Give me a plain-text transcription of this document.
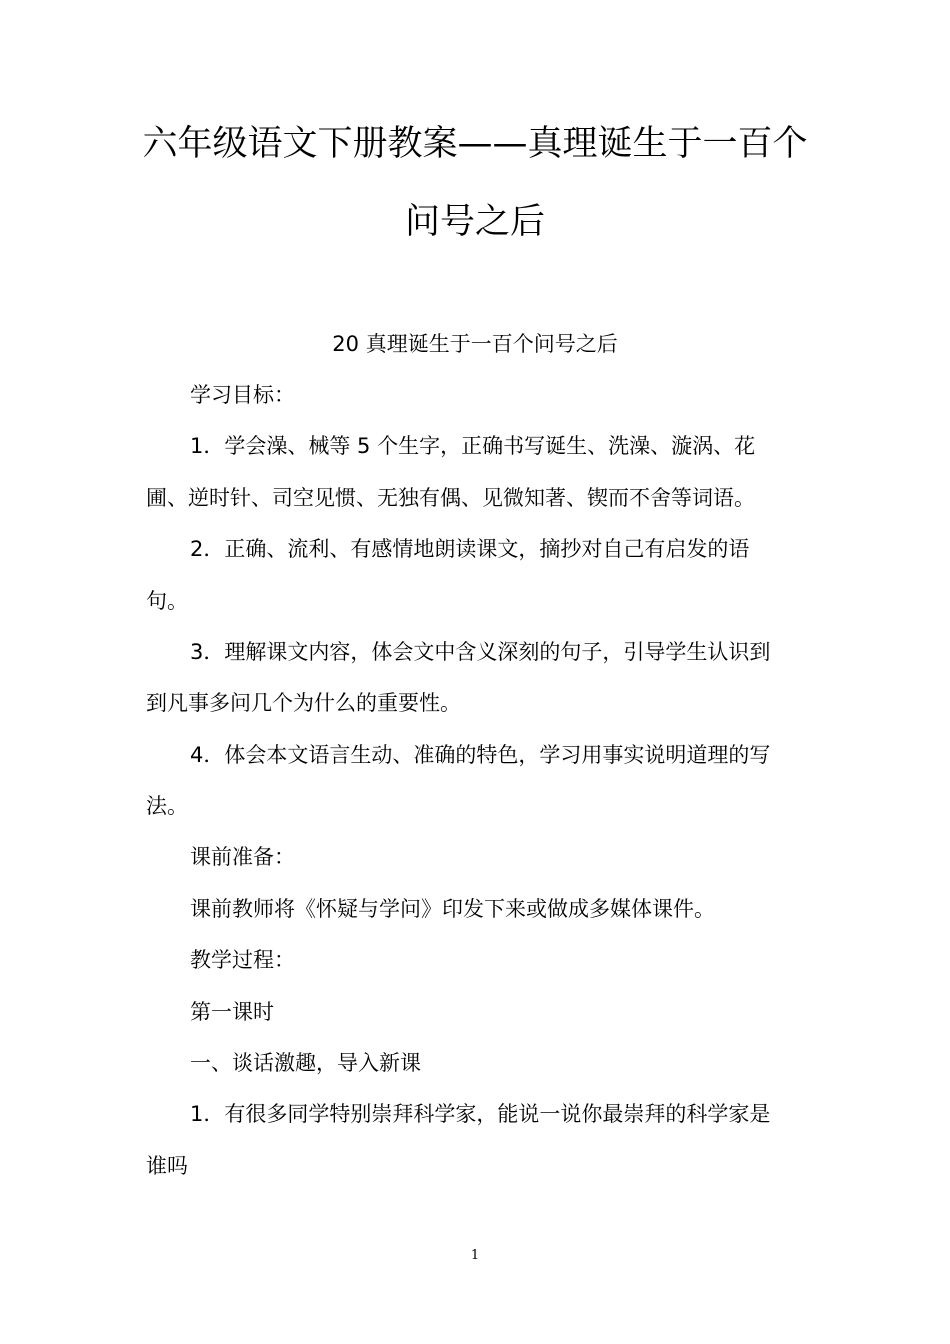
六年级语文下册教案——真理诞生于一百个
问号之后
20 真理诞生于一百个问号之后
学习目标：
1．学会澡、械等 5 个生字，正确书写诞生、洗澡、漩涡、花
圃、逆时针、司空见惯、无独有偶、见微知著、锲而不舍等词语。
2．正确、流利、有感情地朗读课文，摘抄对自己有启发的语
句。
3．理解课文内容，体会文中含义深刻的句子，引导学生认识到
到凡事多问几个为什么的重要性。
4．体会本文语言生动、准确的特色，学习用事实说明道理的写
法。
课前准备：
课前教师将《怀疑与学问》印发下来或做成多媒体课件。
教学过程：
第一课时
一、谈话激趣，导入新课
1．有很多同学特别崇拜科学家，能说一说你最崇拜的科学家是
谁吗
1
